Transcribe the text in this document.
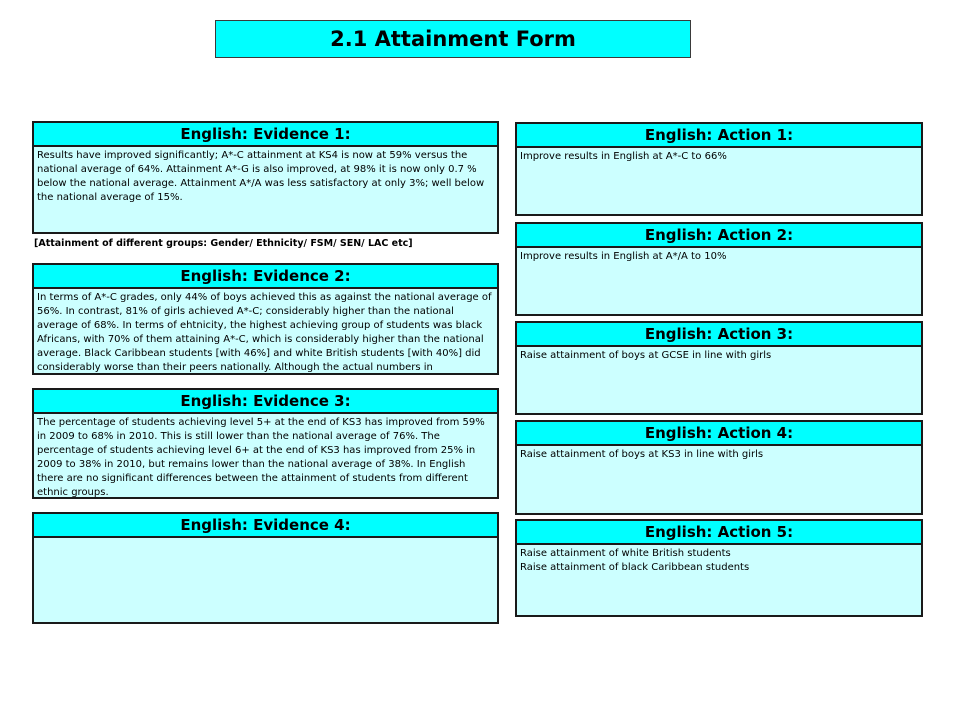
2.1 Attainment Form
English: Evidence 1:
Results have improved significantly; A*-C attainment at KS4 is now at 59% versus the national average of 64%. Attainment A*-G is also improved, at 98% it is now only 0.7 % below the national average. Attainment A*/A was less satisfactory at only 3%; well below the national average of 15%.
[Attainment of different groups: Gender/ Ethnicity/ FSM/ SEN/ LAC etc]
English: Evidence 2:
In terms of A*-C grades, only 44% of boys achieved this as against the national average of 56%. In contrast, 81% of girls achieved A*-C; considerably higher than the national average of 68%. In terms of ehtnicity, the highest achieving group of students was black Africans, with 70% of them attaining A*-C, which is considerably higher than the national average. Black Caribbean students [with 46%] and white British students [with 40%] did considerably worse than their peers nationally. Although the actual numbers in
English: Evidence 3:
The percentage of students achieving level 5+ at the end of KS3 has improved from 59% in 2009 to 68% in 2010. This is still lower than the national average of 76%. The percentage of students achieving level 6+ at the end of KS3 has improved from 25% in 2009 to 38% in 2010, but remains lower than the national average of 38%. In English there are no significant differences between the attainment of students from different ethnic groups.
English: Evidence 4:
English: Action 1:
Improve results in English at A*-C to 66%
English: Action 2:
Improve results in English at A*/A to 10%
English: Action 3:
Raise attainment of boys at GCSE in line with girls
English: Action 4:
Raise attainment of boys at KS3 in line with girls
English: Action 5:
Raise attainment of white British students
Raise attainment of black Caribbean students
